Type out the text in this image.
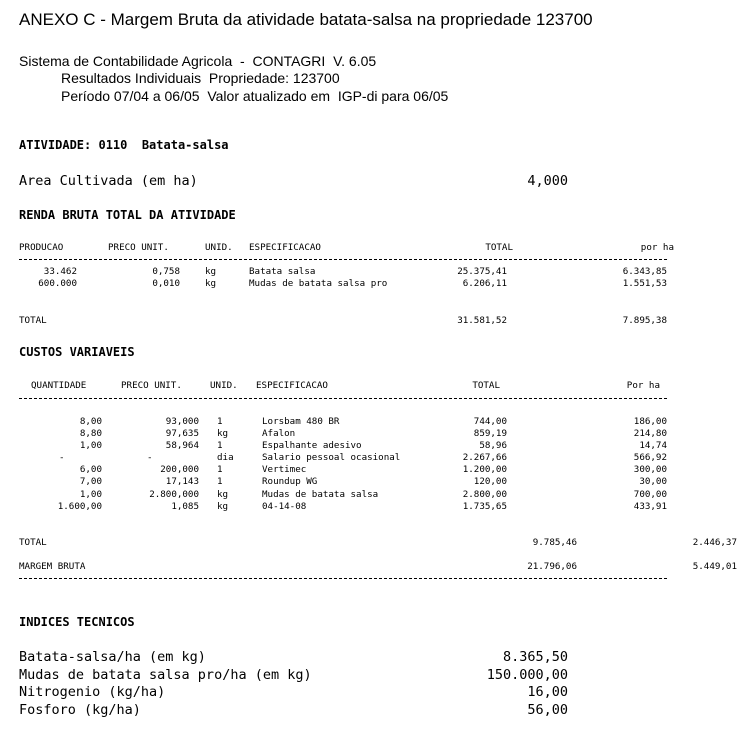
ANEXO C - Margem Bruta da atividade batata-salsa na propriedade 123700
Sistema de Contabilidade Agricola  -  CONTAGRI  V. 6.05
Resultados Individuais  Propriedade: 123700
Período 07/04 a 06/05  Valor atualizado em  IGP-di para 06/05
ATIVIDADE: 0110  Batata-salsa
Area Cultivada (em ha)	4,000
RENDA BRUTA TOTAL DA ATIVIDADE
PRODUCAO	PRECO UNIT.	UNID. ESPECIFICACAO	TOTAL	por ha
33.462	0,758	kg	Batata salsa	25.375,41	6.343,85
600.000	0,010	kg	Mudas de batata salsa pro	6.206,11	1.551,53
TOTAL	31.581,52	7.895,38
CUSTOS VARIAVEIS
QUANTIDADE	PRECO UNIT.	UNID. ESPECIFICACAO	TOTAL	Por ha
8,00	93,000 1	Lorsbam 480 BR	744,00	186,00
8,80	97,635 kg	Afalon	859,19	214,80
1,00	58,964 1	Espalhante adesivo	58,96	14,74
-	-	dia	Salario pessoal ocasional	2.267,66	566,92
6,00	200,000 1	Vertimec	1.200,00	300,00
7,00	17,143 1	Roundup WG	120,00	30,00
1,00	2.800,000 kg	Mudas de batata salsa	2.800,00	700,00
1.600,00	1,085 kg	04-14-08	1.735,65	433,91
TOTAL	9.785,46	2.446,37
MARGEM BRUTA	21.796,06	5.449,01
INDICES TECNICOS
Batata-salsa/ha (em kg)	8.365,50
Mudas de batata salsa pro/ha (em kg)	150.000,00
Nitrogenio (kg/ha)	16,00
Fosforo (kg/ha)	56,00
